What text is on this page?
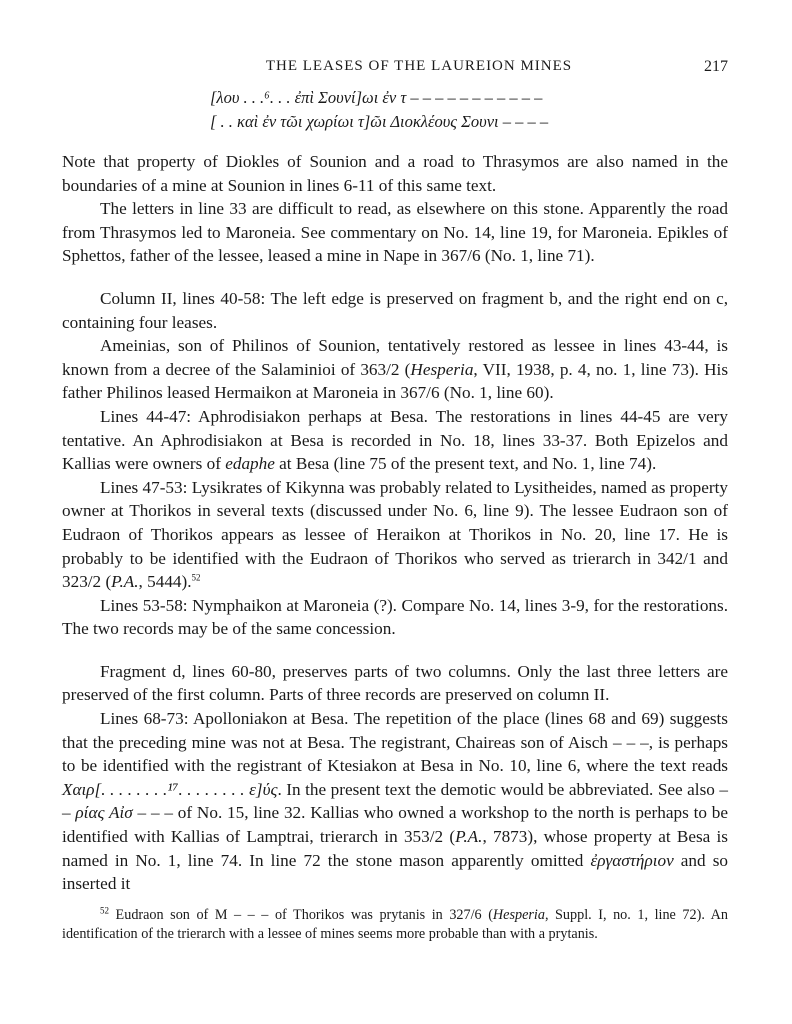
THE LEASES OF THE LAUREION MINES	217
[λου . . .⁶. . . ἐπὶ Σουνί]ωι ἐν τ – – – – – – – – – – –
[ . . καὶ ἐν τῶι χωρίωι τ]ῶι Διοκλέους Σουνι – – – –

Note that property of Diokles of Sounion and a road to Thrasymos are also named in the boundaries of a mine at Sounion in lines 6-11 of this same text.

The letters in line 33 are difficult to read, as elsewhere on this stone. Apparently the road from Thrasymos led to Maroneia. See commentary on No. 14, line 19, for Maroneia. Epikles of Sphettos, father of the lessee, leased a mine in Nape in 367/6 (No. 1, line 71).

Column II, lines 40-58: The left edge is preserved on fragment b, and the right end on c, containing four leases.

Ameinias, son of Philinos of Sounion, tentatively restored as lessee in lines 43-44, is known from a decree of the Salaminioi of 363/2 (Hesperia, VII, 1938, p. 4, no. 1, line 73). His father Philinos leased Hermaikon at Maroneia in 367/6 (No. 1, line 60).

Lines 44-47: Aphrodisiakon perhaps at Besa. The restorations in lines 44-45 are very tentative. An Aphrodisiakon at Besa is recorded in No. 18, lines 33-37. Both Epizelos and Kallias were owners of edaphe at Besa (line 75 of the present text, and No. 1, line 74).

Lines 47-53: Lysikrates of Kikynna was probably related to Lysitheides, named as property owner at Thorikos in several texts (discussed under No. 6, line 9). The lessee Eudraon son of Eudraon of Thorikos appears as lessee of Heraikon at Thorikos in No. 20, line 17. He is probably to be identified with the Eudraon of Thorikos who served as trierarch in 342/1 and 323/2 (P.A., 5444).$^{52}$

Lines 53-58: Nymphaikon at Maroneia (?). Compare No. 14, lines 3-9, for the restorations. The two records may be of the same concession.

Fragment d, lines 60-80, preserves parts of two columns. Only the last three letters are preserved of the first column. Parts of three records are preserved on column II.

Lines 68-73: Apolloniakon at Besa. The repetition of the place (lines 68 and 69) suggests that the preceding mine was not at Besa. The registrant, Chaireas son of Aisch – – –, is perhaps to be identified with the registrant of Ktesiakon at Besa in No. 10, line 6, where the text reads Χαιρ[. . . . . . . .¹⁷. . . . . . . . ε]ύς. In the present text the demotic would be abbreviated. See also – – ρίας Αἰσ – – – of No. 15, line 32. Kallias who owned a workshop to the north is perhaps to be identified with Kallias of Lamptrai, trierarch in 353/2 (P.A., 7873), whose property at Besa is named in No. 1, line 74. In line 72 the stone mason apparently omitted ἐργαστήριον and so inserted it

$^{52}$ Eudraon son of M – – – of Thorikos was prytanis in 327/6 (Hesperia, Suppl. I, no. 1, line 72). An identification of the trierarch with a lessee of mines seems more probable than with a prytanis.
